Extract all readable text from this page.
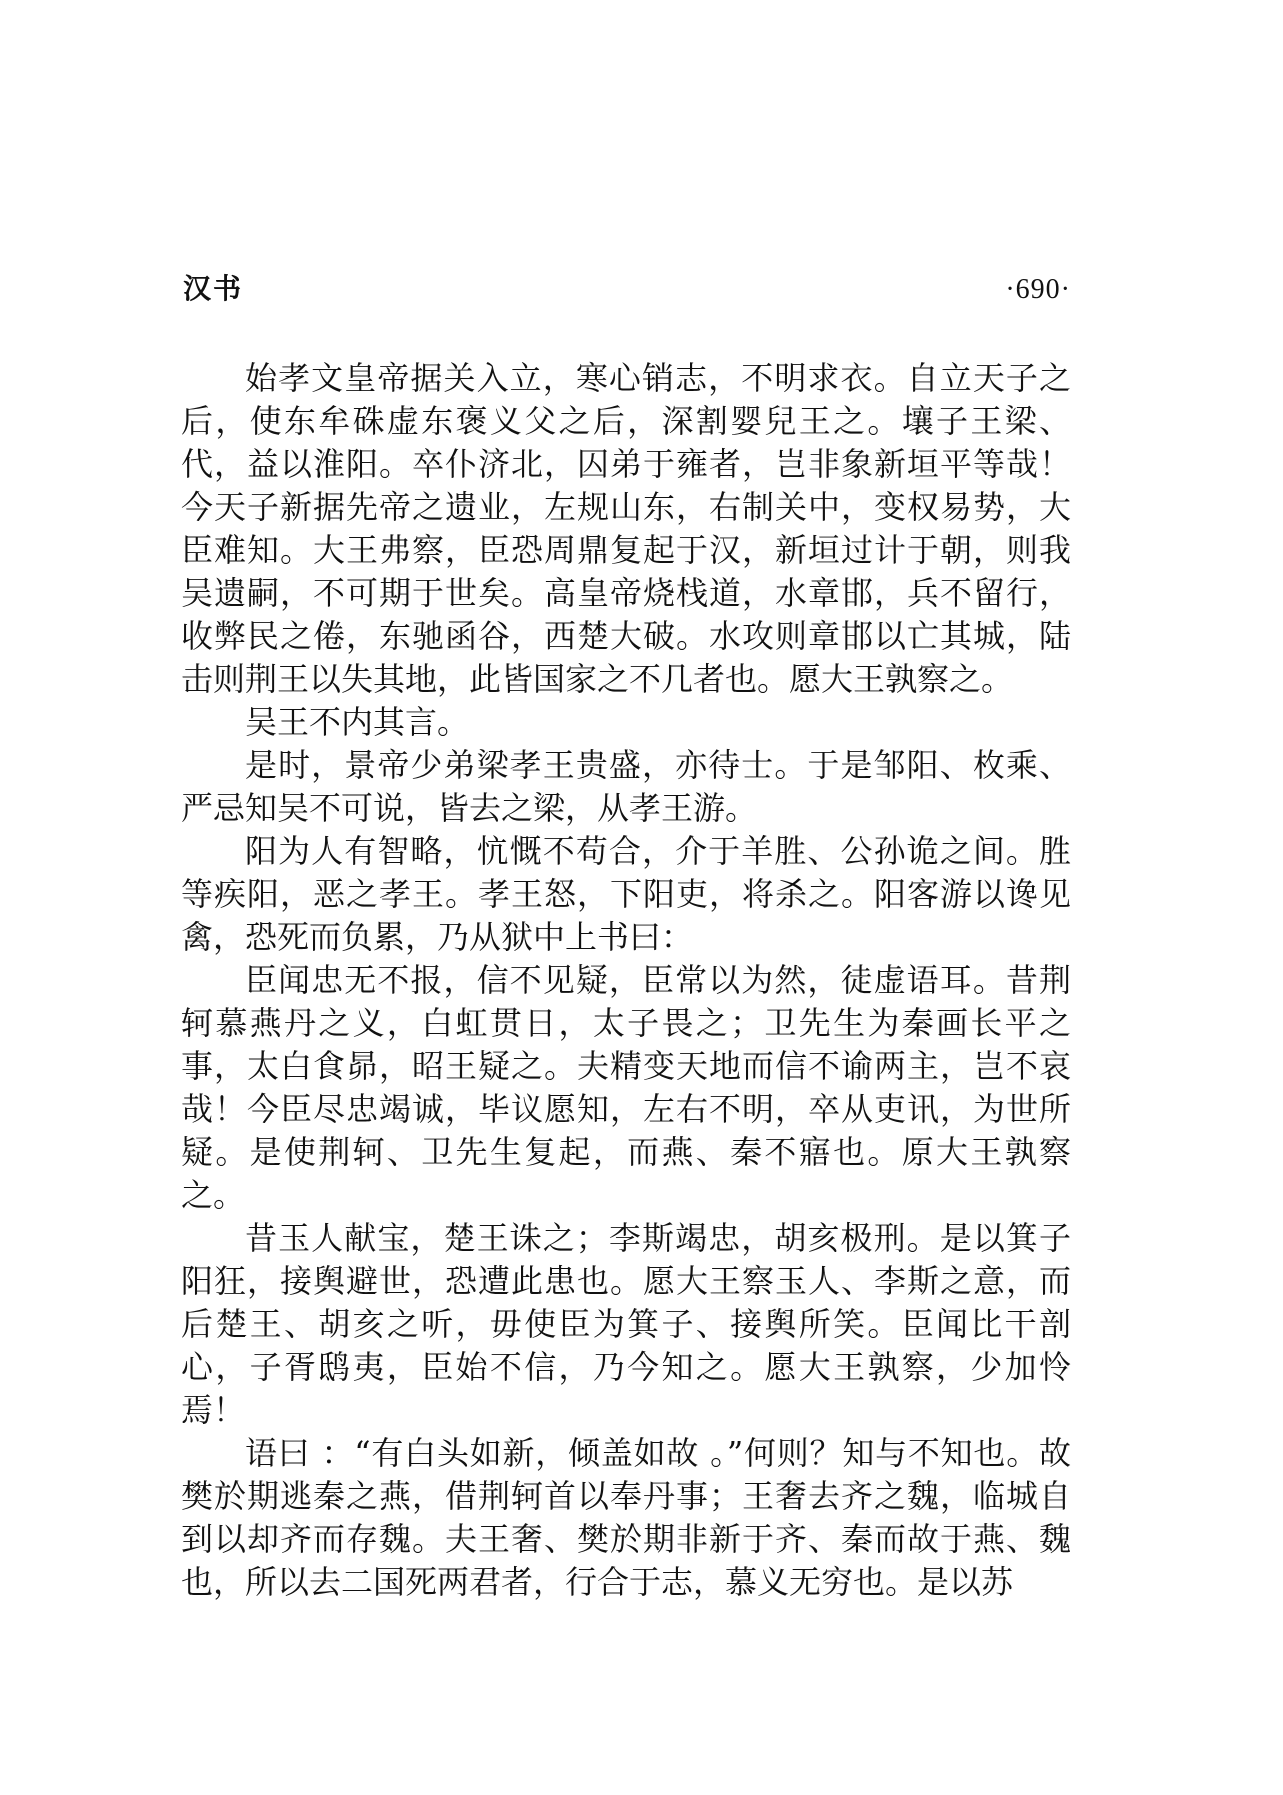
汉书	·690·

始孝文皇帝据关入立，寒心销志，不明求衣。自立天子之后，使东牟硃虚东褒义父之后，深割婴兒王之。壤子王梁、代，益以淮阳。卒仆济北，囚弟于雍者，岂非象新垣平等哉！今天子新据先帝之遗业，左规山东，右制关中，变权易势，大臣难知。大王弗察，臣恐周鼎复起于汉，新垣过计于朝，则我吴遗嗣，不可期于世矣。高皇帝烧栈道，水章邯，兵不留行，收弊民之倦，东驰函谷，西楚大破。水攻则章邯以亡其城，陆击则荆王以失其地，此皆国家之不几者也。愿大王孰察之。

吴王不内其言。

是时，景帝少弟梁孝王贵盛，亦待士。于是邹阳、枚乘、严忌知吴不可说，皆去之梁，从孝王游。

阳为人有智略，忼慨不苟合，介于羊胜、公孙诡之间。胜等疾阳，恶之孝王。孝王怒，下阳吏，将杀之。阳客游以谗见禽，恐死而负累，乃从狱中上书曰：

臣闻忠无不报，信不见疑，臣常以为然，徒虚语耳。昔荆轲慕燕丹之义，白虹贯日，太子畏之；卫先生为秦画长平之事，太白食昴，昭王疑之。夫精变天地而信不谕两主，岂不哀哉！今臣尽忠竭诚，毕议愿知，左右不明，卒从吏讯，为世所疑。是使荆轲、卫先生复起，而燕、秦不寤也。原大王孰察之。

昔玉人献宝，楚王诛之；李斯竭忠，胡亥极刑。是以箕子阳狂，接舆避世，恐遭此患也。愿大王察玉人、李斯之意，而后楚王、胡亥之听，毋使臣为箕子、接舆所笑。臣闻比干剖心，子胥鸱夷，臣始不信，乃今知之。愿大王孰察，少加怜焉！

语曰 ：“有白头如新，倾盖如故 。”何则？知与不知也。故樊於期逃秦之燕，借荆轲首以奉丹事；王奢去齐之魏，临城自到以却齐而存魏。夫王奢、樊於期非新于齐、秦而故于燕、魏也，所以去二国死两君者，行合于志，慕义无穷也。是以苏
